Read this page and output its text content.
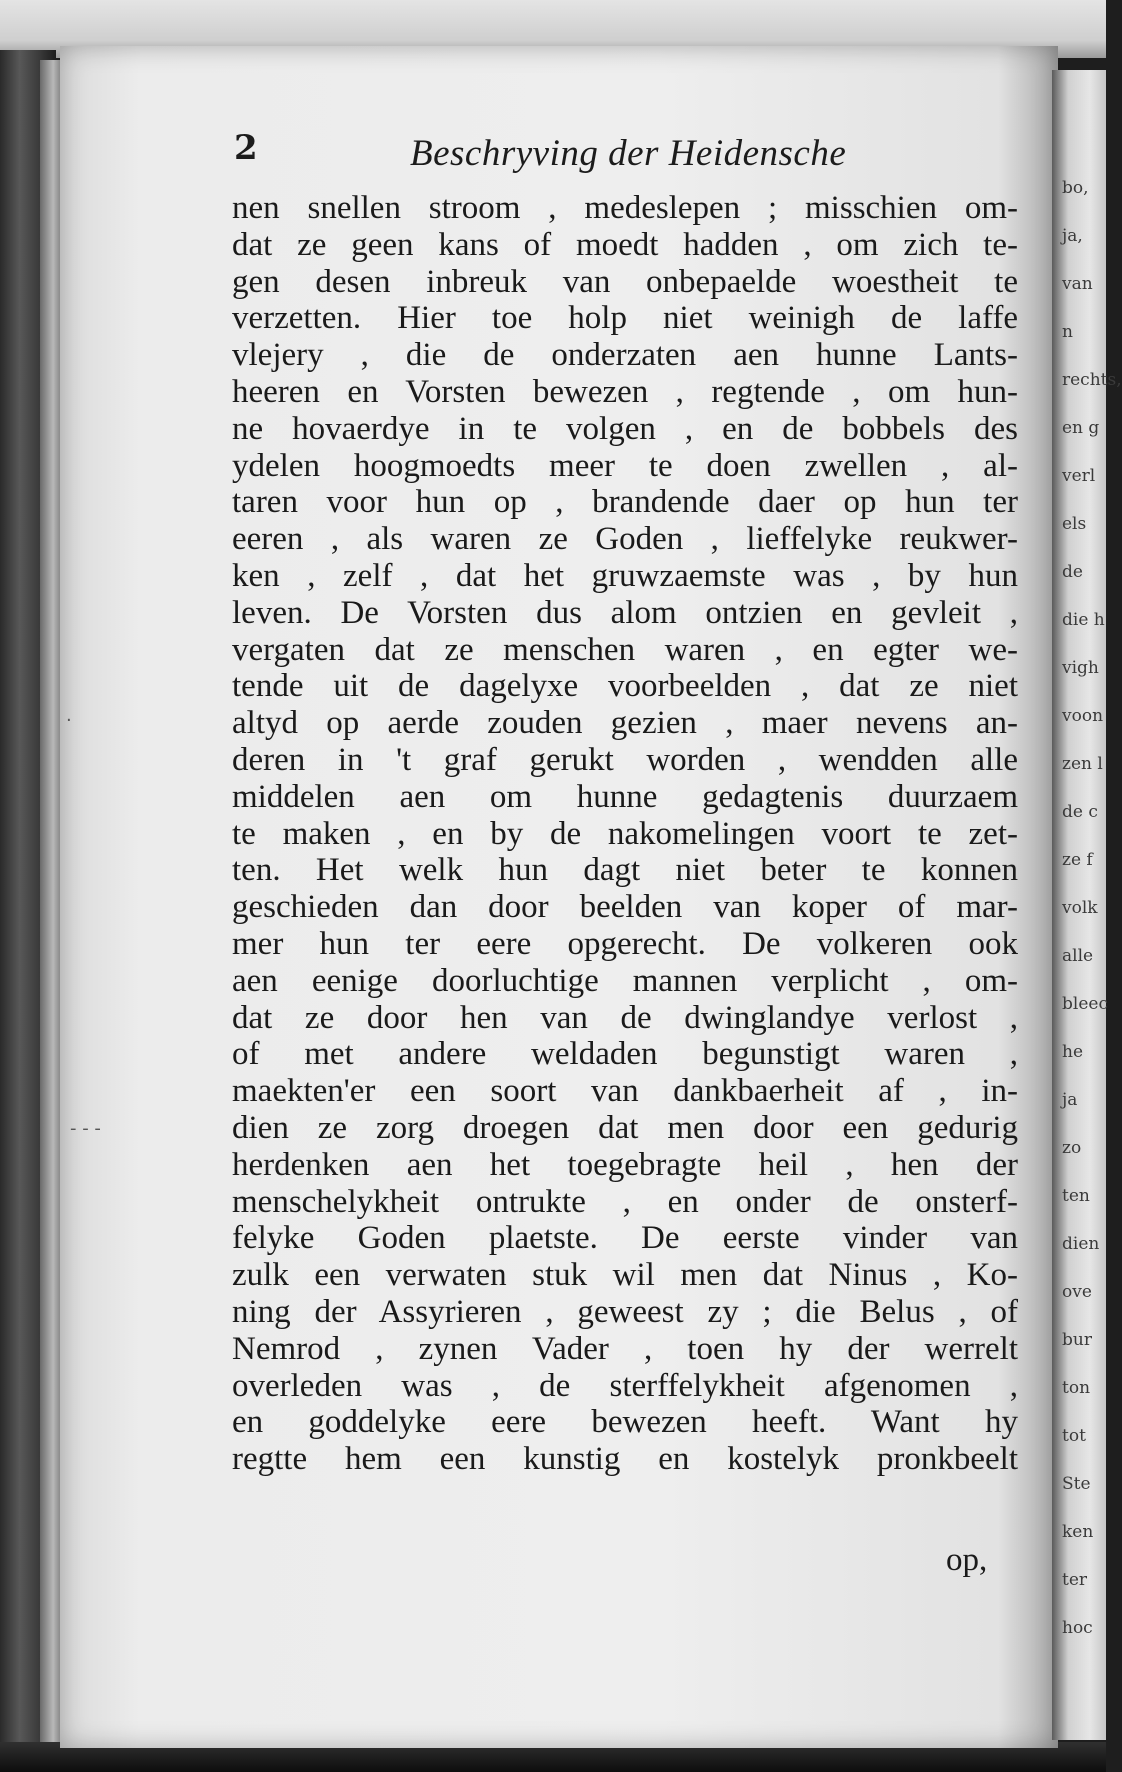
bo,
ja,
van
n
rechts,
en g
verl
els
de
die h
vigh
voon
zen l
de c
ze f
volk
alle
bleec
he
ja
zo
ten
dien
ove
bur
ton
tot
Ste
ken
ter
hoc
2	Beschryving der Heidensche
nen snellen stroom , medeslepen ; misschien om-
dat ze geen kans of moedt hadden , om zich te-
gen desen inbreuk van onbepaelde woestheit te
verzetten. Hier toe holp niet weinigh de laffe
vlejery , die de onderzaten aen hunne Lants-
heeren en Vorsten bewezen , regtende , om hun-
ne hovaerdye in te volgen , en de bobbels des
ydelen hoogmoedts meer te doen zwellen , al-
taren voor hun op , brandende daer op hun ter
eeren , als waren ze Goden , lieffelyke reukwer-
ken , zelf , dat het gruwzaemste was , by hun
leven. De Vorsten dus alom ontzien en gevleit ,
vergaten dat ze menschen waren , en egter we-
tende uit de dagelyxe voorbeelden , dat ze niet
altyd op aerde zouden gezien , maer nevens an-
deren in 't graf gerukt worden , wendden alle
middelen aen om hunne gedagtenis duurzaem
te maken , en by de nakomelingen voort te zet-
ten. Het welk hun dagt niet beter te konnen
geschieden dan door beelden van koper of mar-
mer hun ter eere opgerecht. De volkeren ook
aen eenige doorluchtige mannen verplicht , om-
dat ze door hen van de dwinglandye verlost ,
of met andere weldaden begunstigt waren ,
maekten'er een soort van dankbaerheit af , in-
dien ze zorg droegen dat men door een gedurig
herdenken aen het toegebragte heil , hen der
menschelykheit ontrukte , en onder de onsterf-
felyke Goden plaetste. De eerste vinder van
zulk een verwaten stuk wil men dat Ninus , Ko-
ning der Assyrieren , geweest zy ; die Belus , of
Nemrod , zynen Vader , toen hy der werrelt
overleden was , de sterffelykheit afgenomen ,
en goddelyke eere bewezen heeft. Want hy
regtte hem een kunstig en kostelyk pronkbeelt
op,
- - -
·
